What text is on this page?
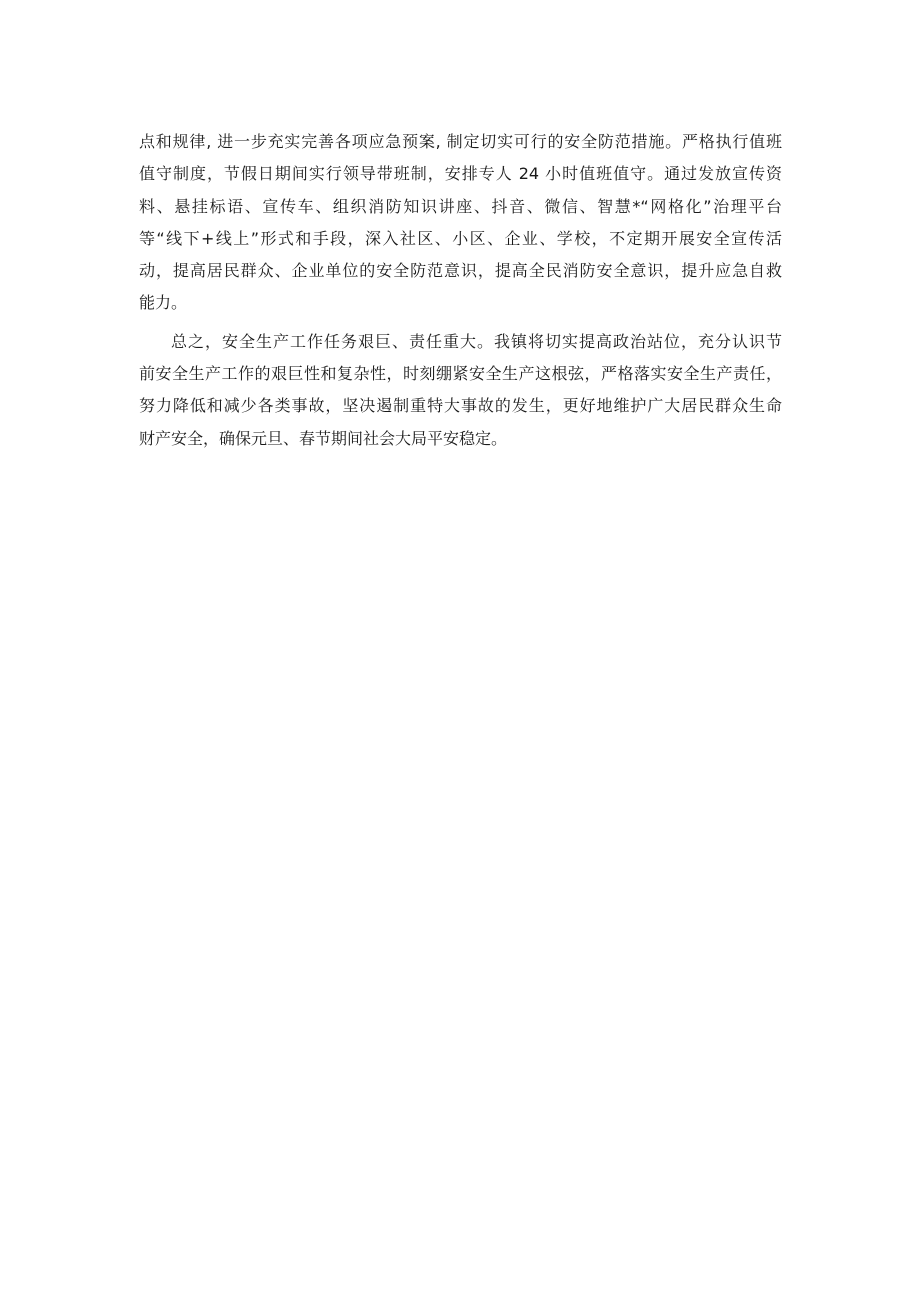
点和规律, 进一步充实完善各项应急预案, 制定切实可行的安全防范措施。严格执行值班
值守制度，节假日期间实行领导带班制，安排专人 24 小时值班值守。通过发放宣传资
料、悬挂标语、宣传车、组织消防知识讲座、抖音、微信、智慧*“网格化”治理平台
等“线下+线上”形式和手段，深入社区、小区、企业、学校，不定期开展安全宣传活
动，提高居民群众、企业单位的安全防范意识，提高全民消防安全意识，提升应急自救
能力。
总之，安全生产工作任务艰巨、责任重大。我镇将切实提高政治站位，充分认识节
前安全生产工作的艰巨性和复杂性，时刻绷紧安全生产这根弦，严格落实安全生产责任，
努力降低和减少各类事故，坚决遏制重特大事故的发生，更好地维护广大居民群众生命
财产安全，确保元旦、春节期间社会大局平安稳定。
